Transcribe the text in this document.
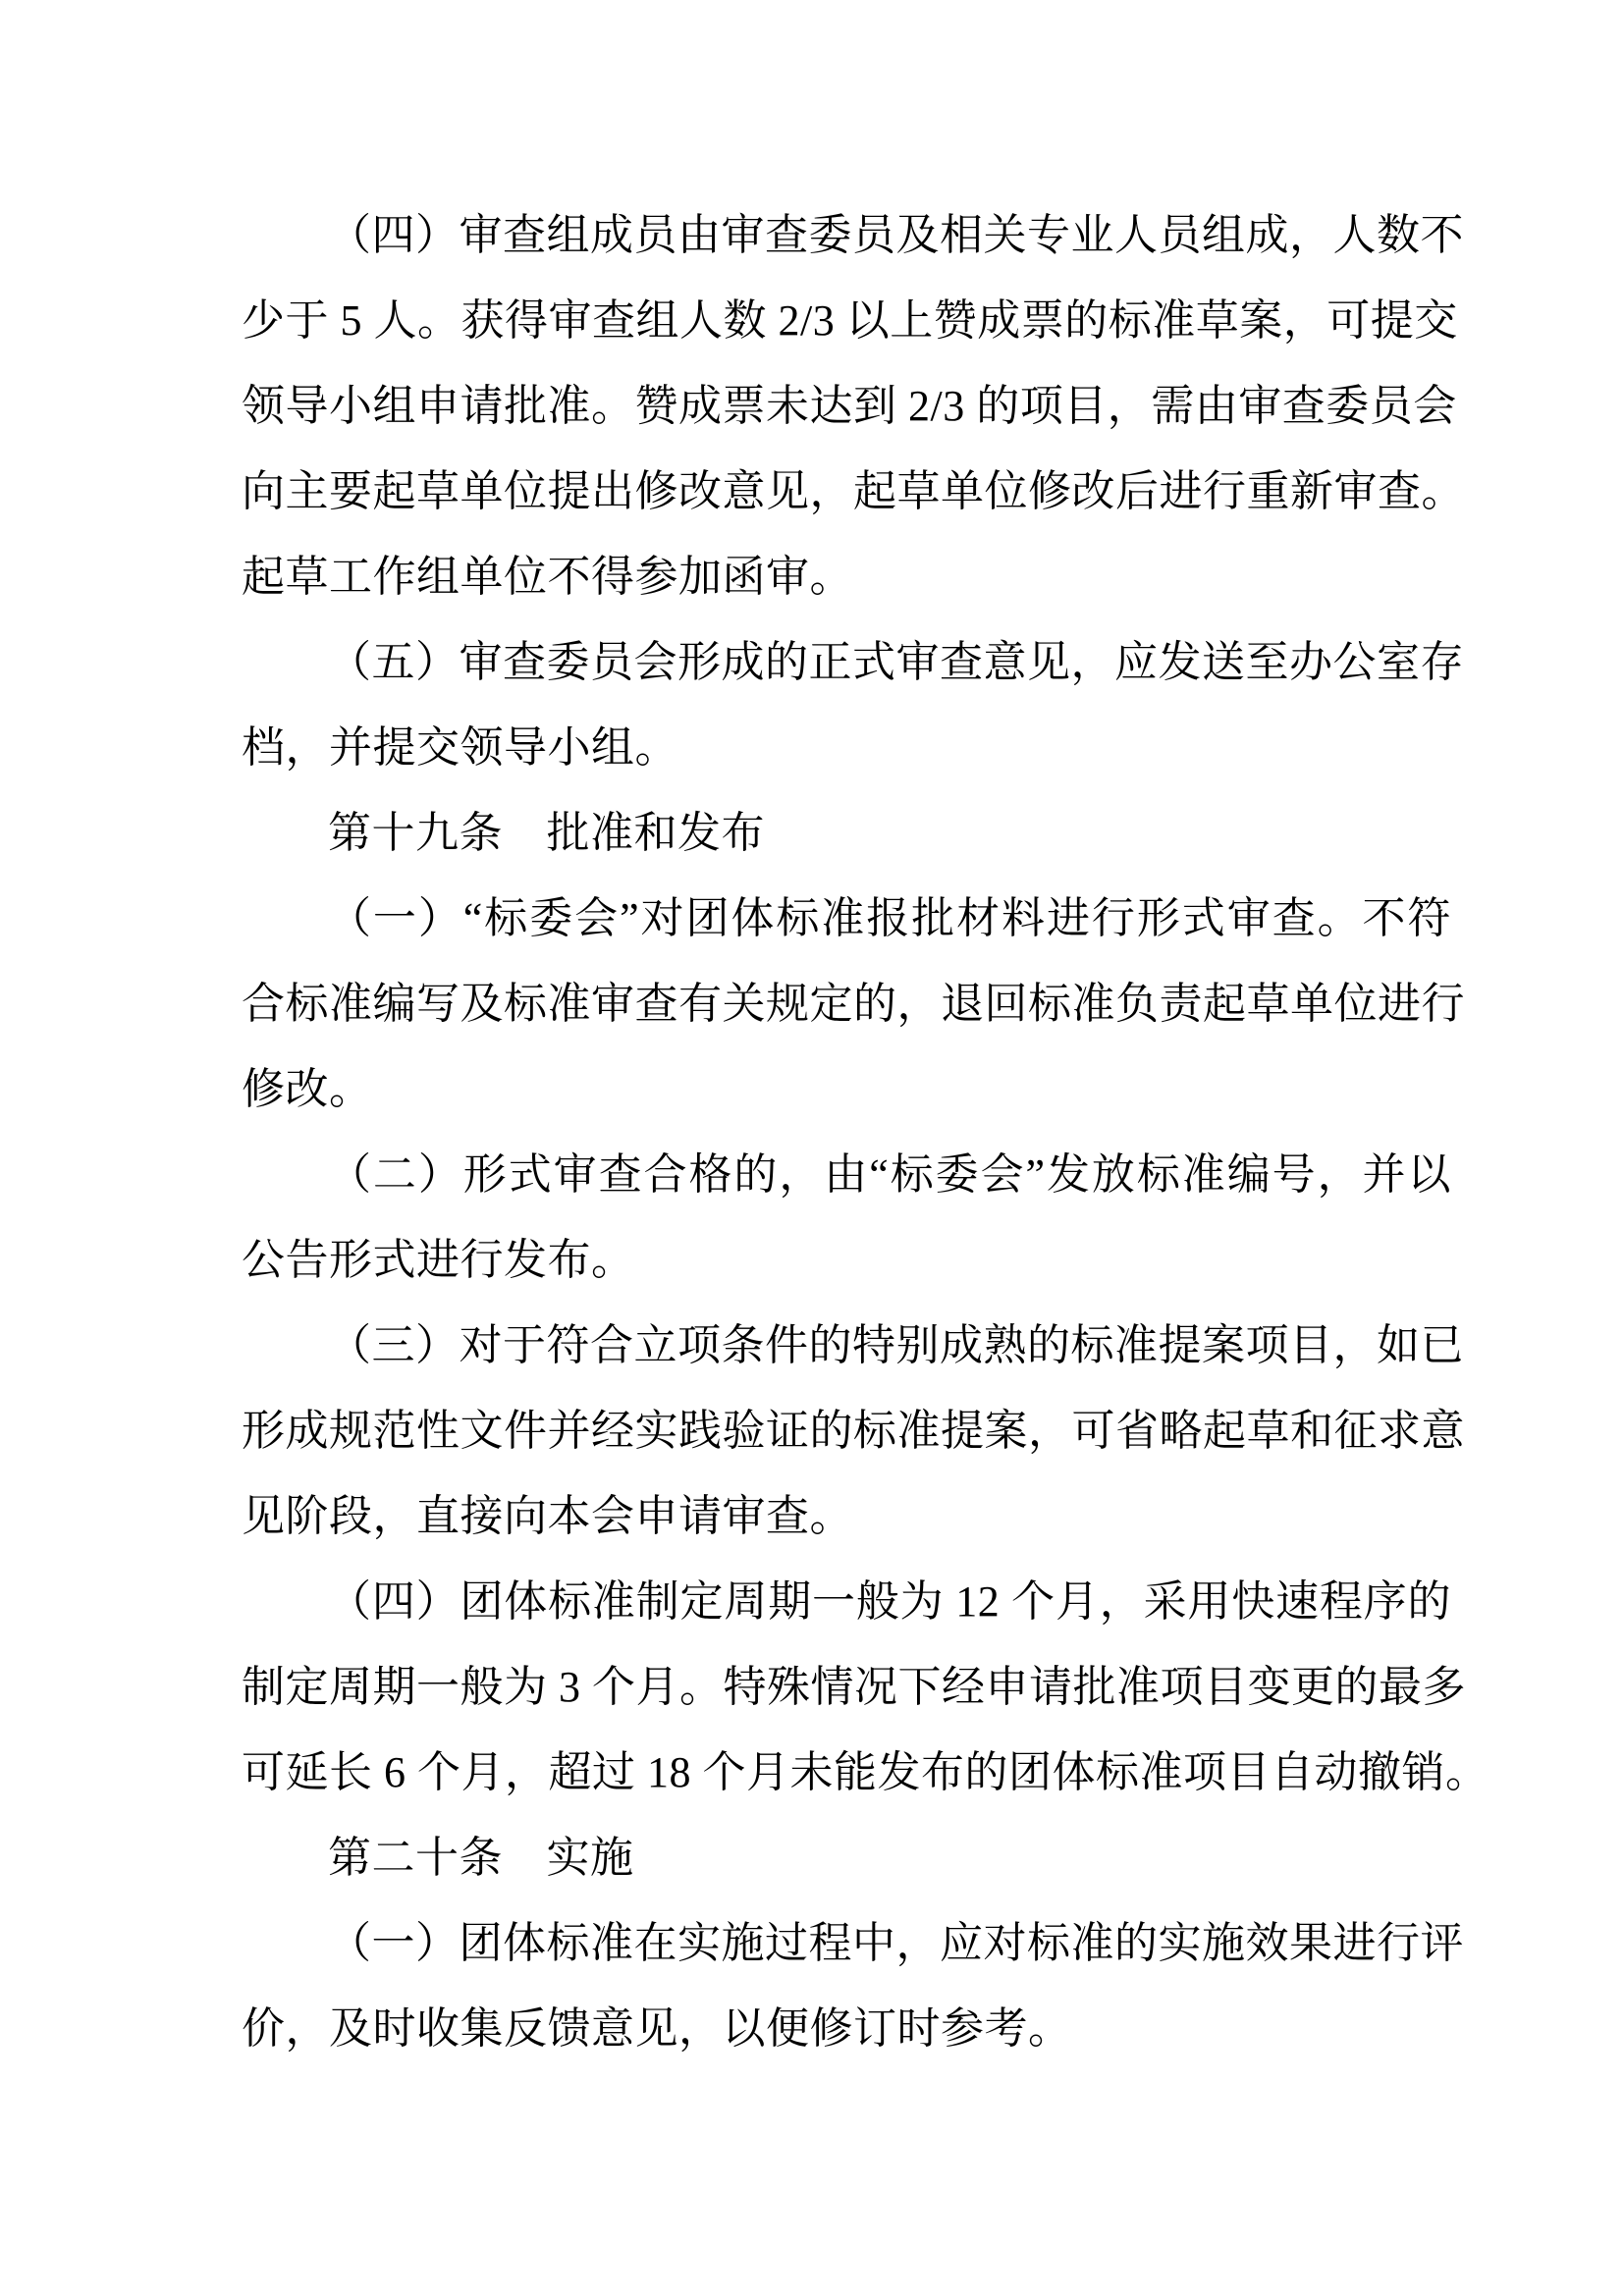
（四）审查组成员由审查委员及相关专业人员组成，人数不
少于 5 人。获得审查组人数 2/3 以上赞成票的标准草案，可提交
领导小组申请批准。赞成票未达到 2/3 的项目，需由审查委员会
向主要起草单位提出修改意见，起草单位修改后进行重新审查。
起草工作组单位不得参加函审。
（五）审查委员会形成的正式审查意见，应发送至办公室存
档，并提交领导小组。
第十九条　批准和发布
（一）“标委会”对团体标准报批材料进行形式审查。不符
合标准编写及标准审查有关规定的，退回标准负责起草单位进行
修改。
（二）形式审查合格的，由“标委会”发放标准编号，并以
公告形式进行发布。
（三）对于符合立项条件的特别成熟的标准提案项目，如已
形成规范性文件并经实践验证的标准提案，可省略起草和征求意
见阶段，直接向本会申请审查。
（四）团体标准制定周期一般为 12 个月，采用快速程序的
制定周期一般为 3 个月。特殊情况下经申请批准项目变更的最多
可延长 6 个月，超过 18 个月未能发布的团体标准项目自动撤销。
第二十条　实施
（一）团体标准在实施过程中，应对标准的实施效果进行评
价，及时收集反馈意见，以便修订时参考。
